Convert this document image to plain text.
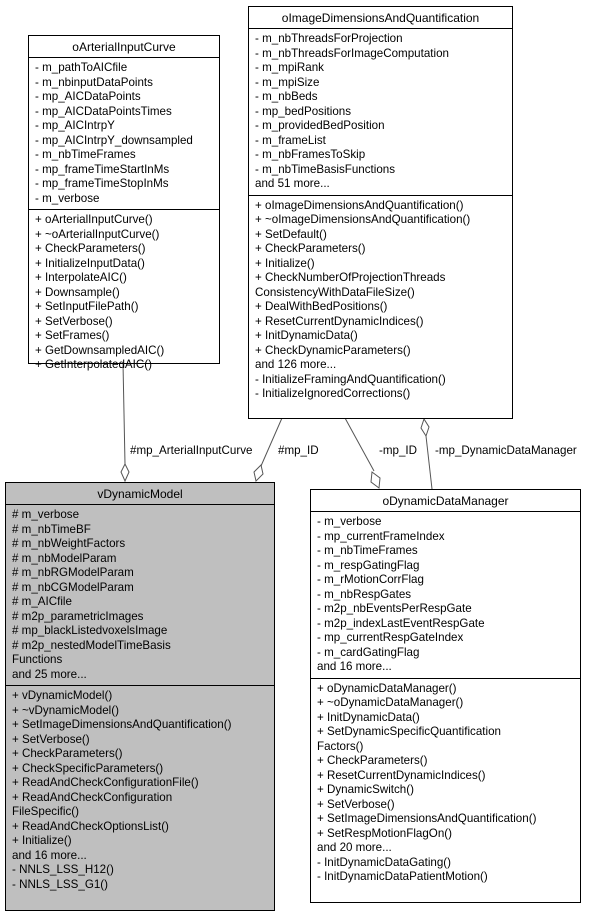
#mp_ArterialInputCurve #mp_ID	-mp_ID -mp_DynamicDataManager
oArterialInputCurve
- m_pathToAICfile
- m_nbinputDataPoints
- mp_AICDataPoints
- mp_AICDataPointsTimes
- mp_AICIntrpY
- mp_AICIntrpY_downsampled
- m_nbTimeFrames
- mp_frameTimeStartInMs
- mp_frameTimeStopInMs
- m_verbose
+ oArterialInputCurve()
+ ~oArterialInputCurve()
+ CheckParameters()
+ InitializeInputData()
+ InterpolateAIC()
+ Downsample()
+ SetInputFilePath()
+ SetVerbose()
+ SetFrames()
+ GetDownsampledAIC()
+ GetInterpolatedAIC()
oImageDimensionsAndQuantification
- m_nbThreadsForProjection
- m_nbThreadsForImageComputation
- m_mpiRank
- m_mpiSize
- m_nbBeds
- mp_bedPositions
- m_providedBedPosition
- m_frameList
- m_nbFramesToSkip
- m_nbTimeBasisFunctions
and 51 more...
+ oImageDimensionsAndQuantification()
+ ~oImageDimensionsAndQuantification()
+ SetDefault()
+ CheckParameters()
+ Initialize()
+ CheckNumberOfProjectionThreads
ConsistencyWithDataFileSize()
+ DealWithBedPositions()
+ ResetCurrentDynamicIndices()
+ InitDynamicData()
+ CheckDynamicParameters()
and 126 more...
- InitializeFramingAndQuantification()
- InitializeIgnoredCorrections()
vDynamicModel
# m_verbose
# m_nbTimeBF
# m_nbWeightFactors
# m_nbModelParam
# m_nbRGModelParam
# m_nbCGModelParam
# m_AICfile
# m2p_parametricImages
# mp_blackListedvoxelsImage
# m2p_nestedModelTimeBasis
Functions
and 25 more...
+ vDynamicModel()
+ ~vDynamicModel()
+ SetImageDimensionsAndQuantification()
+ SetVerbose()
+ CheckParameters()
+ CheckSpecificParameters()
+ ReadAndCheckConfigurationFile()
+ ReadAndCheckConfiguration
FileSpecific()
+ ReadAndCheckOptionsList()
+ Initialize()
and 16 more...
- NNLS_LSS_H12()
- NNLS_LSS_G1()
oDynamicDataManager
- m_verbose
- mp_currentFrameIndex
- m_nbTimeFrames
- m_respGatingFlag
- m_rMotionCorrFlag
- m_nbRespGates
- m2p_nbEventsPerRespGate
- m2p_indexLastEventRespGate
- mp_currentRespGateIndex
- m_cardGatingFlag
and 16 more...
+ oDynamicDataManager()
+ ~oDynamicDataManager()
+ InitDynamicData()
+ SetDynamicSpecificQuantification
Factors()
+ CheckParameters()
+ ResetCurrentDynamicIndices()
+ DynamicSwitch()
+ SetVerbose()
+ SetImageDimensionsAndQuantification()
+ SetRespMotionFlagOn()
and 20 more...
- InitDynamicDataGating()
- InitDynamicDataPatientMotion()
